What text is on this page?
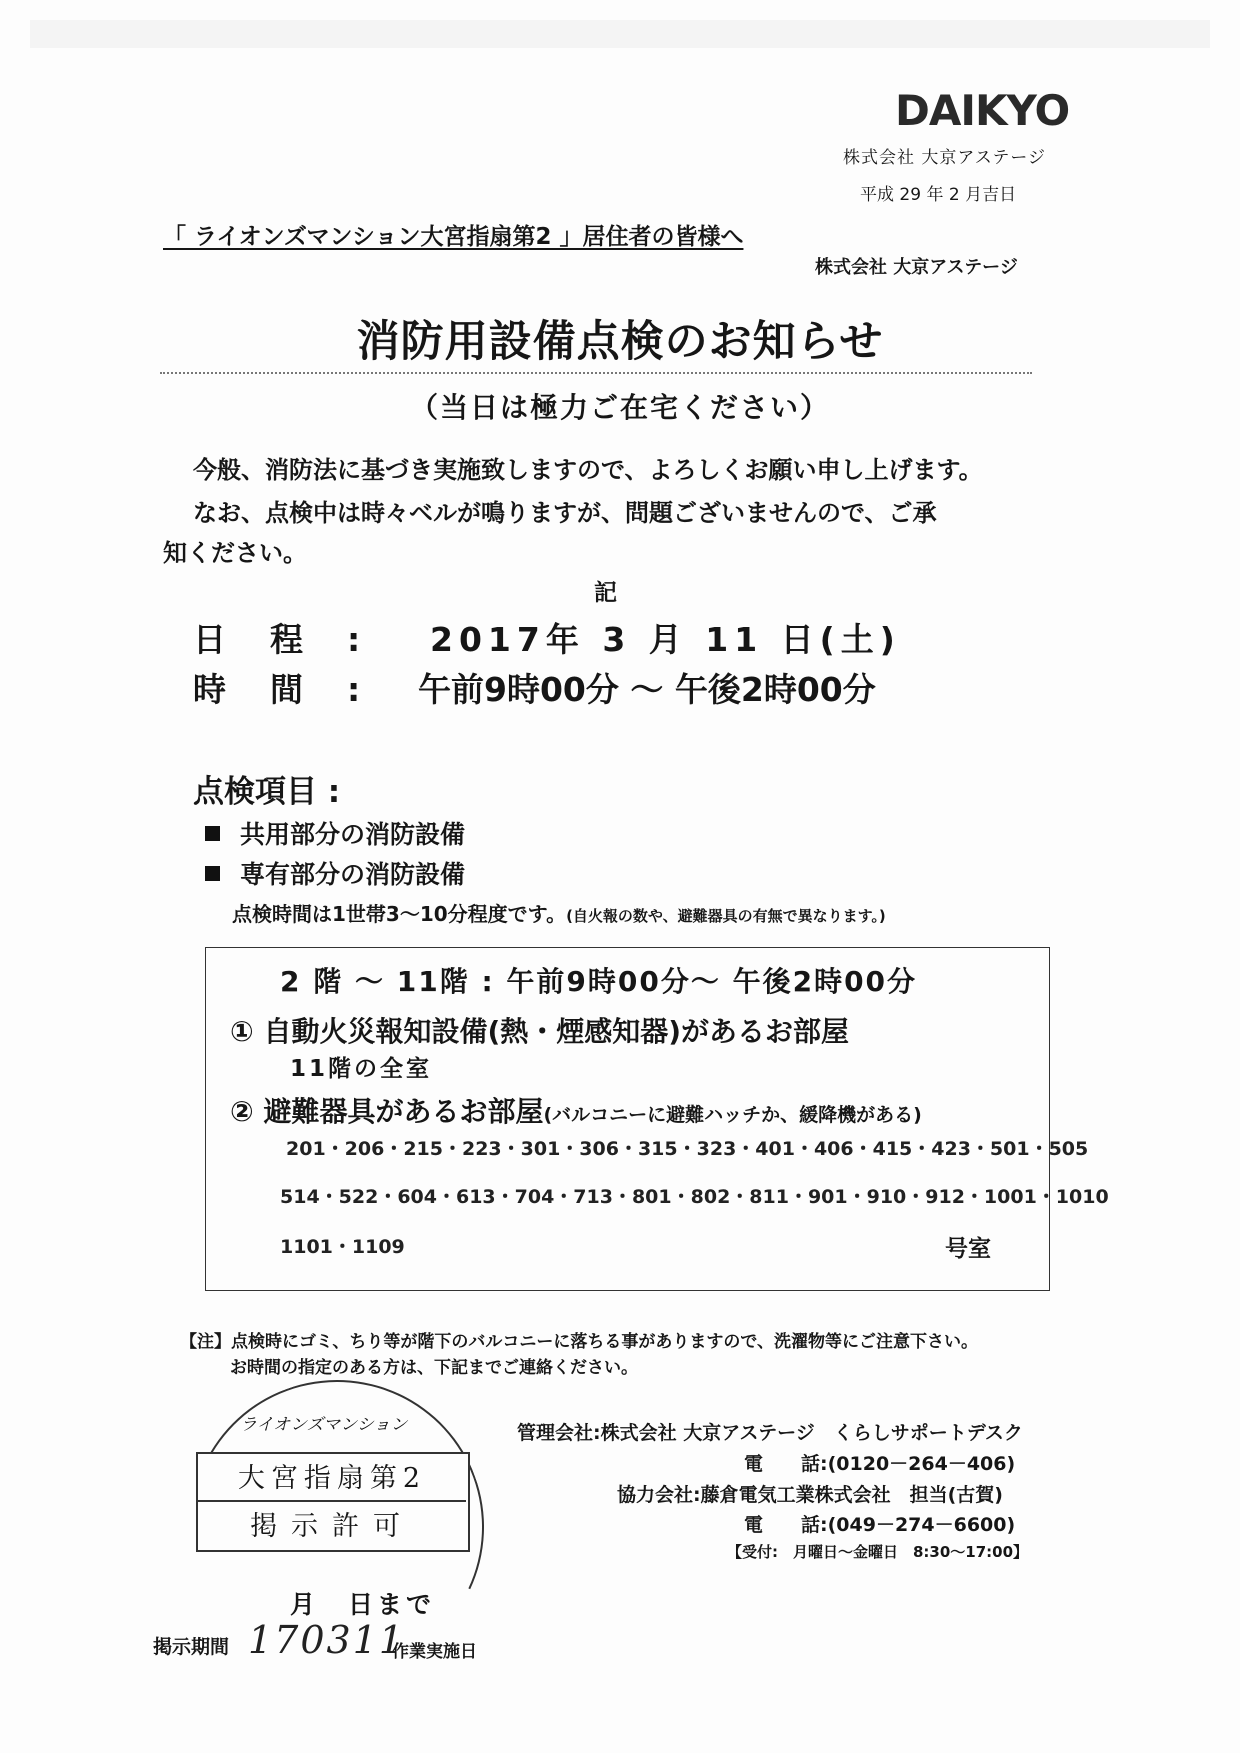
DAIKYO
株式会社 大京アステージ
平成 29 年 2 月吉日
「 ライオンズマンション大宮指扇第2 」居住者の皆様へ
株式会社 大京アステージ
消防用設備点検のお知らせ
（当日は極力ご在宅ください）
今般、消防法に基づき実施致しますので、よろしくお願い申し上げます。
なお、点検中は時々ベルが鳴りますが、問題ございませんので、ご承
知ください。
記
日程: 2017年 3 月 11 日(土)
時間: 午前9時00分 ～ 午後2時00分
点検項目 :
共用部分の消防設備
専有部分の消防設備
点検時間は1世帯3～10分程度です。(自火報の数や、避難器具の有無で異なります。)
2 階 ～ 11階 : 午前9時00分～ 午後2時00分
① 自動火災報知設備(熱・煙感知器)があるお部屋
11階の全室
② 避難器具があるお部屋(バルコニーに避難ハッチか、緩降機がある)
201・206・215・223・301・306・315・323・401・406・415・423・501・505
514・522・604・613・704・713・801・802・811・901・910・912・1001・1010
1101・1109	号室
【注】点検時にゴミ、ちり等が階下のバルコニーに落ちる事がありますので、洗濯物等にご注意下さい。
お時間の指定のある方は、下記までご連絡ください。
管理会社:株式会社 大京アステージ　くらしサポートデスク
電　　話:(0120－264－406)
協力会社:藤倉電気工業株式会社　担当(古賀)
電　　話:(049－274－6600)
【受付:　月曜日～金曜日　8:30～17:00】
ライオンズマンション
大宮指扇第2
掲示許可
月　日まで
掲示期間 170311
作業実施日
